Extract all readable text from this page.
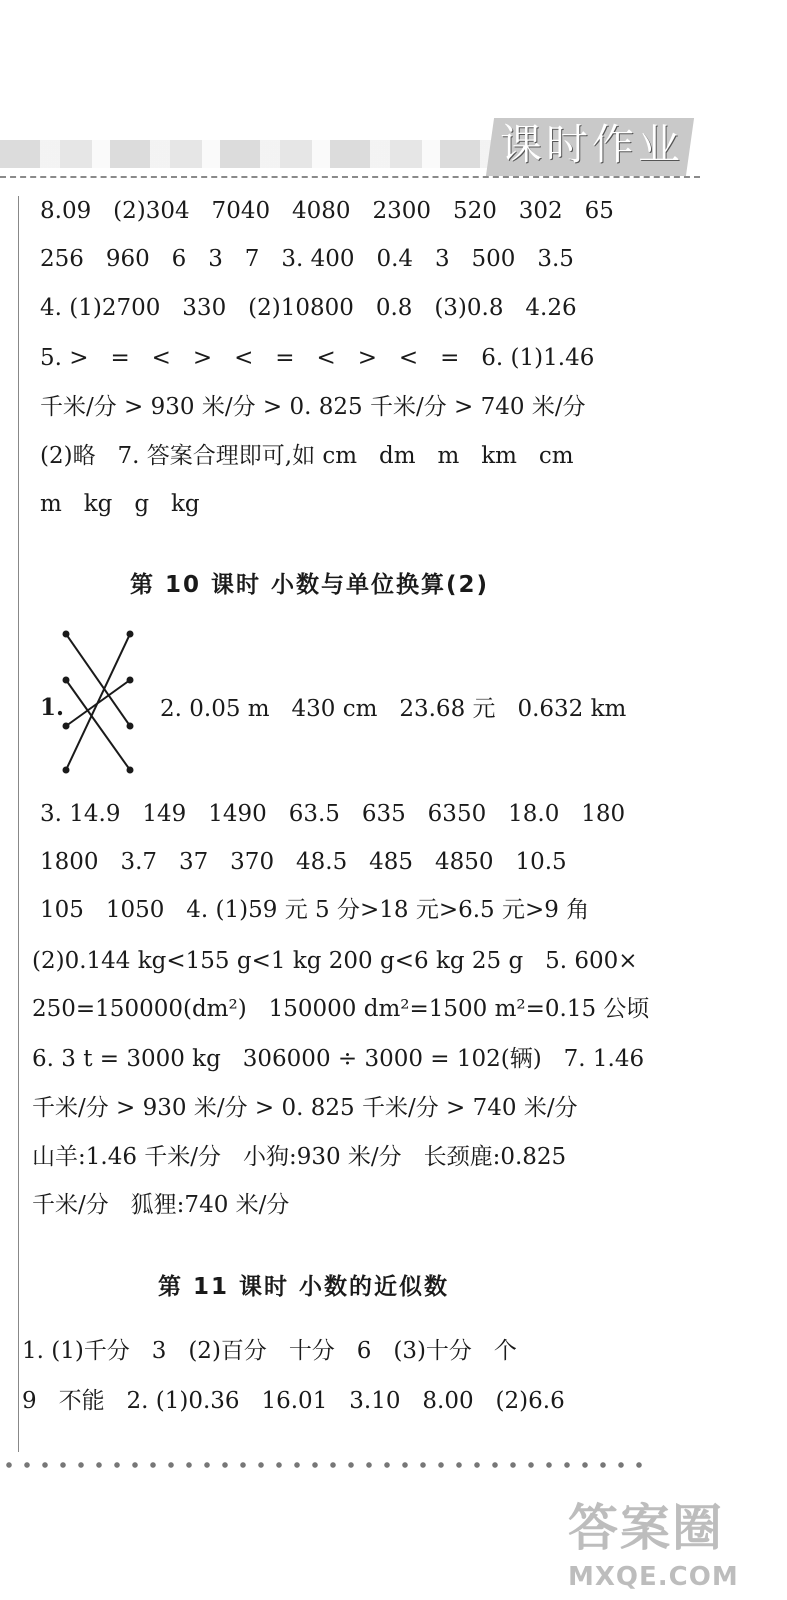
课时作业
8.09   (2)304   7040   4080   2300   520   302   65
256   960   6   3   7   3. 400   0.4   3   500   3.5
4. (1)2700   330   (2)10800   0.8   (3)0.8   4.26
5. >   =   <   >   <   =   <   >   <   =   6. (1)1.46
千米/分 > 930 米/分 > 0. 825 千米/分 > 740 米/分
(2)略   7. 答案合理即可,如 cm   dm   m   km   cm
m   kg   g   kg
第 10 课时 小数与单位换算(2)
1.	2. 0.05 m   430 cm   23.68 元   0.632 km
3. 14.9   149   1490   63.5   635   6350   18.0   180
1800   3.7   37   370   48.5   485   4850   10.5
105   1050   4. (1)59 元 5 分>18 元>6.5 元>9 角
(2)0.144 kg<155 g<1 kg 200 g<6 kg 25 g   5. 600×
250=150000(dm²)   150000 dm²=1500 m²=0.15 公顷
6. 3 t = 3000 kg   306000 ÷ 3000 = 102(辆)   7. 1.46
千米/分 > 930 米/分 > 0. 825 千米/分 > 740 米/分
山羊:1.46 千米/分   小狗:930 米/分   长颈鹿:0.825
千米/分   狐狸:740 米/分
第 11 课时 小数的近似数
1. (1)千分   3   (2)百分   十分   6   (3)十分   个
9   不能   2. (1)0.36   16.01   3.10   8.00   (2)6.6
答案圈
MXQE.COM
